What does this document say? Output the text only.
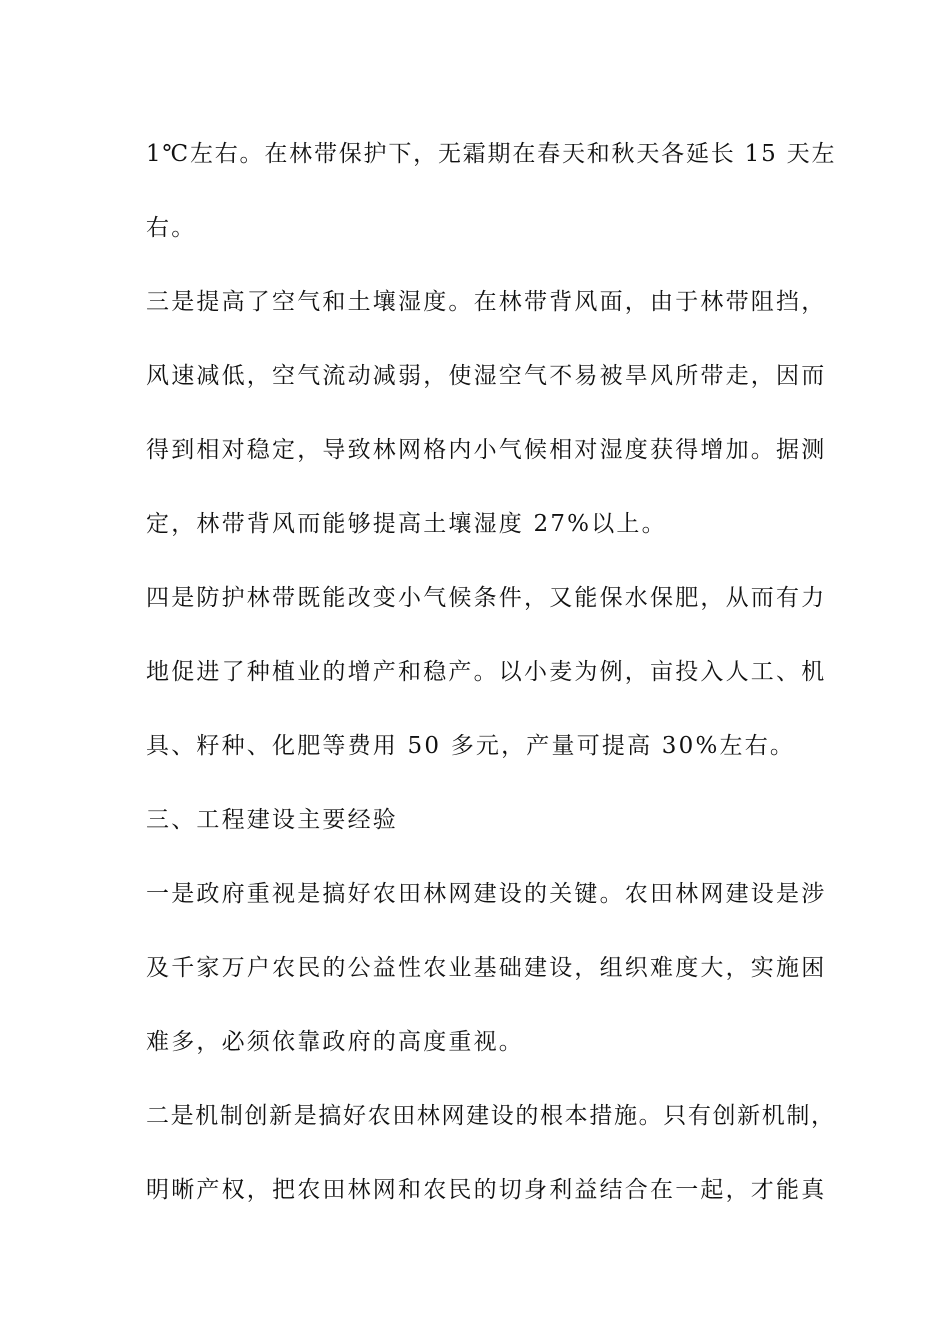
1℃左右。在林带保护下，无霜期在春天和秋天各延长 15 天左
右。
三是提高了空气和土壤湿度。在林带背风面，由于林带阻挡，
风速减低，空气流动减弱，使湿空气不易被旱风所带走，因而
得到相对稳定，导致林网格内小气候相对湿度获得增加。据测
定，林带背风而能够提高土壤湿度 27%以上。
四是防护林带既能改变小气候条件，又能保水保肥，从而有力
地促进了种植业的增产和稳产。以小麦为例，亩投入人工、机
具、籽种、化肥等费用 50 多元，产量可提高 30%左右。
三、工程建设主要经验
一是政府重视是搞好农田林网建设的关键。农田林网建设是涉
及千家万户农民的公益性农业基础建设，组织难度大，实施困
难多，必须依靠政府的高度重视。
二是机制创新是搞好农田林网建设的根本措施。只有创新机制，
明晰产权，把农田林网和农民的切身利益结合在一起，才能真
